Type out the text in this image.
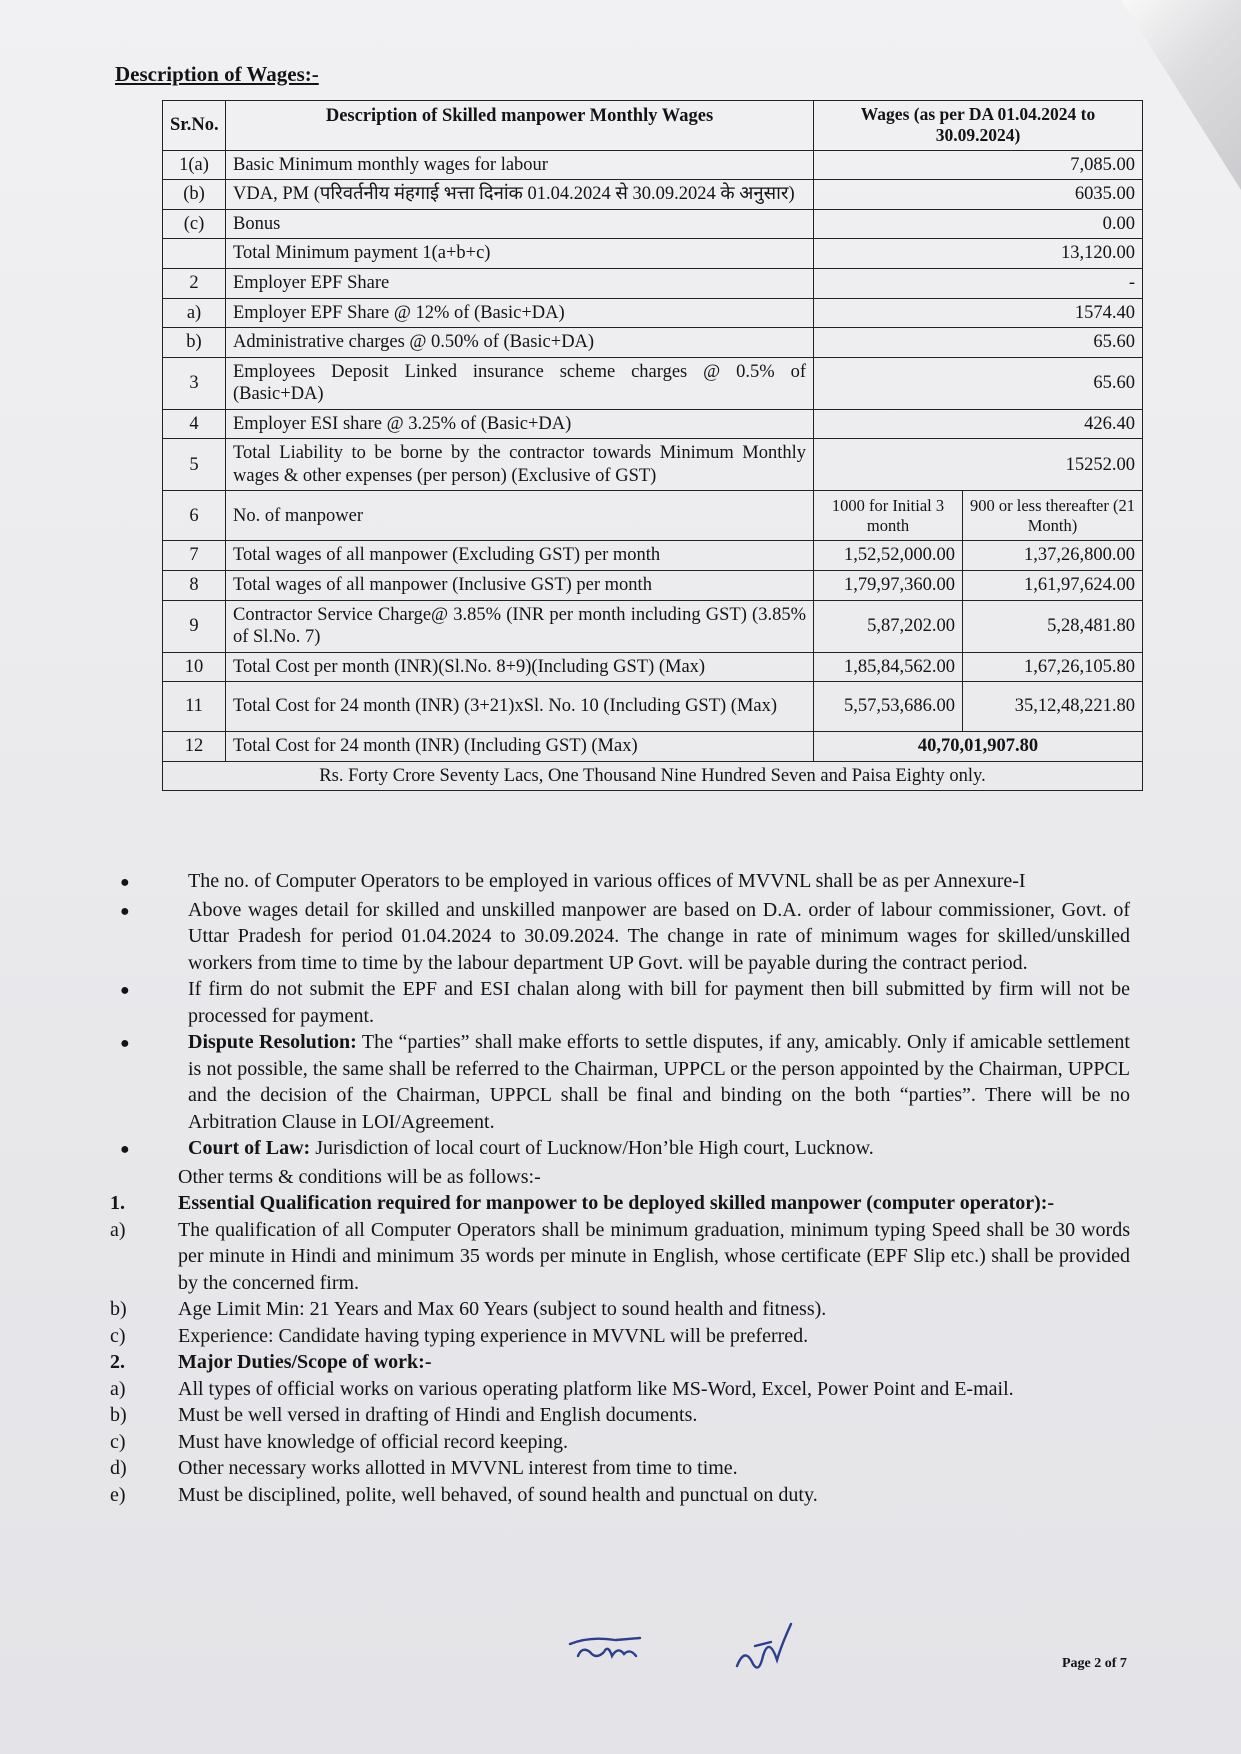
Description of Wages:-
Sr.No.	Description of Skilled manpower Monthly Wages	Wages (as per DA 01.04.2024 to 30.09.2024)	
1(a)	Basic Minimum monthly wages for labour	7,085.00	
(b)	VDA, PM (परिवर्तनीय मंहगाई भत्ता दिनांक 01.04.2024 से 30.09.2024 के अनुसार)	6035.00	
(c)	Bonus	0.00	
	Total Minimum payment 1(a+b+c)	13,120.00	
2	Employer EPF Share	-	
a)	Employer EPF Share @ 12% of (Basic+DA)	1574.40	
b)	Administrative charges @ 0.50% of (Basic+DA)	65.60	
3	Employees Deposit Linked insurance scheme charges @ 0.5% of (Basic+DA)	65.60	
4	Employer ESI share @ 3.25% of (Basic+DA)	426.40	
5	Total Liability to be borne by the contractor towards Minimum Monthly wages & other expenses (per person) (Exclusive of GST)	15252.00	
6	No. of manpower	1000 for Initial 3 month	900 or less thereafter (21 Month)
7	Total wages of all manpower (Excluding GST) per month	1,52,52,000.00	1,37,26,800.00
8	Total wages of all manpower (Inclusive GST) per month	1,79,97,360.00	1,61,97,624.00
9	Contractor Service Charge@ 3.85% (INR per month including GST) (3.85% of Sl.No. 7)	5,87,202.00	5,28,481.80
10	Total Cost per month (INR)(Sl.No. 8+9)(Including GST) (Max)	1,85,84,562.00	1,67,26,105.80
11	Total Cost for 24 month (INR) (3+21)xSl. No. 10 (Including GST) (Max)	5,57,53,686.00	35,12,48,221.80
12	Total Cost for 24 month (INR) (Including GST) (Max)	40,70,01,907.80	
Rs. Forty Crore Seventy Lacs, One Thousand Nine Hundred Seven and Paisa Eighty only.			
●	The no. of Computer Operators to be employed in various offices of MVVNL shall be as per Annexure-I
●	Above wages detail for skilled and unskilled manpower are based on D.A. order of labour commissioner, Govt. of Uttar Pradesh for period 01.04.2024 to 30.09.2024. The change in rate of minimum wages for skilled/unskilled workers from time to time by the labour department UP Govt. will be payable during the contract period.
●	If firm do not submit the EPF and ESI chalan along with bill for payment then bill submitted by firm will not be processed for payment.
●	Dispute Resolution: The “parties” shall make efforts to settle disputes, if any, amicably. Only if amicable settlement is not possible, the same shall be referred to the Chairman, UPPCL or the person appointed by the Chairman, UPPCL and the decision of the Chairman, UPPCL shall be final and binding on the both “parties”. There will be no Arbitration Clause in LOI/Agreement.
●	Court of Law: Jurisdiction of local court of Lucknow/Hon’ble High court, Lucknow.
Other terms & conditions will be as follows:-
1.	Essential Qualification required for manpower to be deployed skilled manpower (computer operator):-
a)	The qualification of all Computer Operators shall be minimum graduation, minimum typing Speed shall be 30 words per minute in Hindi and minimum 35 words per minute in English, whose certificate (EPF Slip etc.) shall be provided by the concerned firm.
b)	Age Limit Min: 21 Years and Max 60 Years (subject to sound health and fitness).
c)	Experience: Candidate having typing experience in MVVNL will be preferred.
2.	Major Duties/Scope of work:-
a)	All types of official works on various operating platform like MS-Word, Excel, Power Point and E-mail.
b)	Must be well versed in drafting of Hindi and English documents.
c)	Must have knowledge of official record keeping.
d)	Other necessary works allotted in MVVNL interest from time to time.
e)	Must be disciplined, polite, well behaved, of sound health and punctual on duty.
Page 2 of 7
